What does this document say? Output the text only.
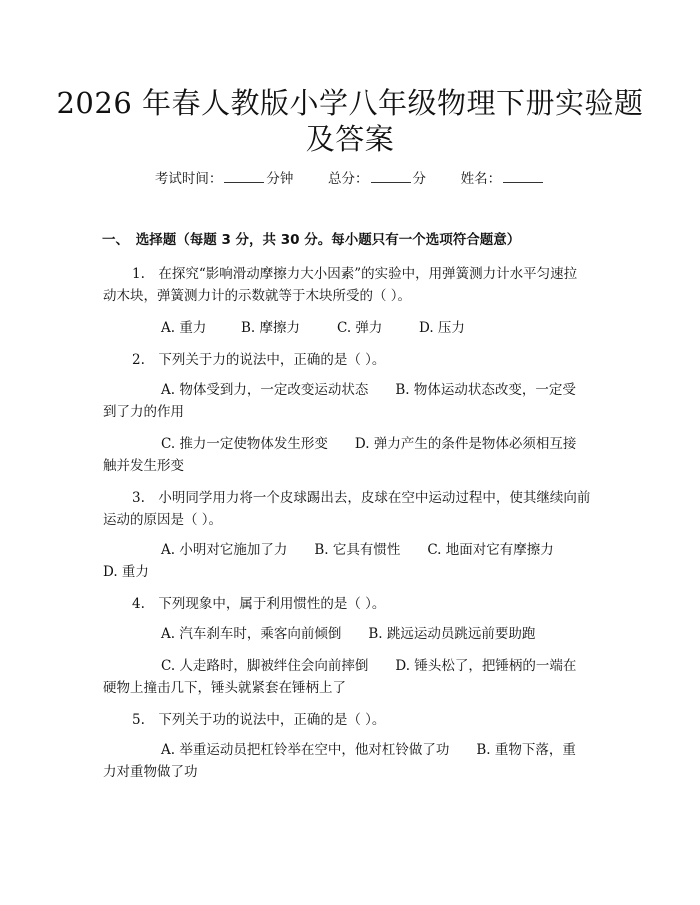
2026 年春人教版小学八年级物理下册实验题
及答案
考试时间：	分钟	总分：	分	姓名：
一、　选择题（每题 3 分，共 30 分。每小题只有一个选项符合题意）
1.　在探究“影响滑动摩擦力大小因素”的实验中，用弹簧测力计水平匀速拉
动木块，弹簧测力计的示数就等于木块所受的（ ）。
A. 重力	B. 摩擦力	C. 弹力	D. 压力
2.　下列关于力的说法中，正确的是（ ）。
A. 物体受到力，一定改变运动状态　　B. 物体运动状态改变，一定受
到了力的作用
C. 推力一定使物体发生形变　　D. 弹力产生的条件是物体必须相互接
触并发生形变
3.　小明同学用力将一个皮球踢出去，皮球在空中运动过程中，使其继续向前
运动的原因是（ ）。
A. 小明对它施加了力　　B. 它具有惯性　　C. 地面对它有摩擦力
D. 重力
4.　下列现象中，属于利用惯性的是（ ）。
A. 汽车刹车时，乘客向前倾倒　　B. 跳远运动员跳远前要助跑
C. 人走路时，脚被绊住会向前摔倒　　D. 锤头松了，把锤柄的一端在
硬物上撞击几下，锤头就紧套在锤柄上了
5.　下列关于功的说法中，正确的是（ ）。
A. 举重运动员把杠铃举在空中，他对杠铃做了功　　B. 重物下落，重
力对重物做了功
